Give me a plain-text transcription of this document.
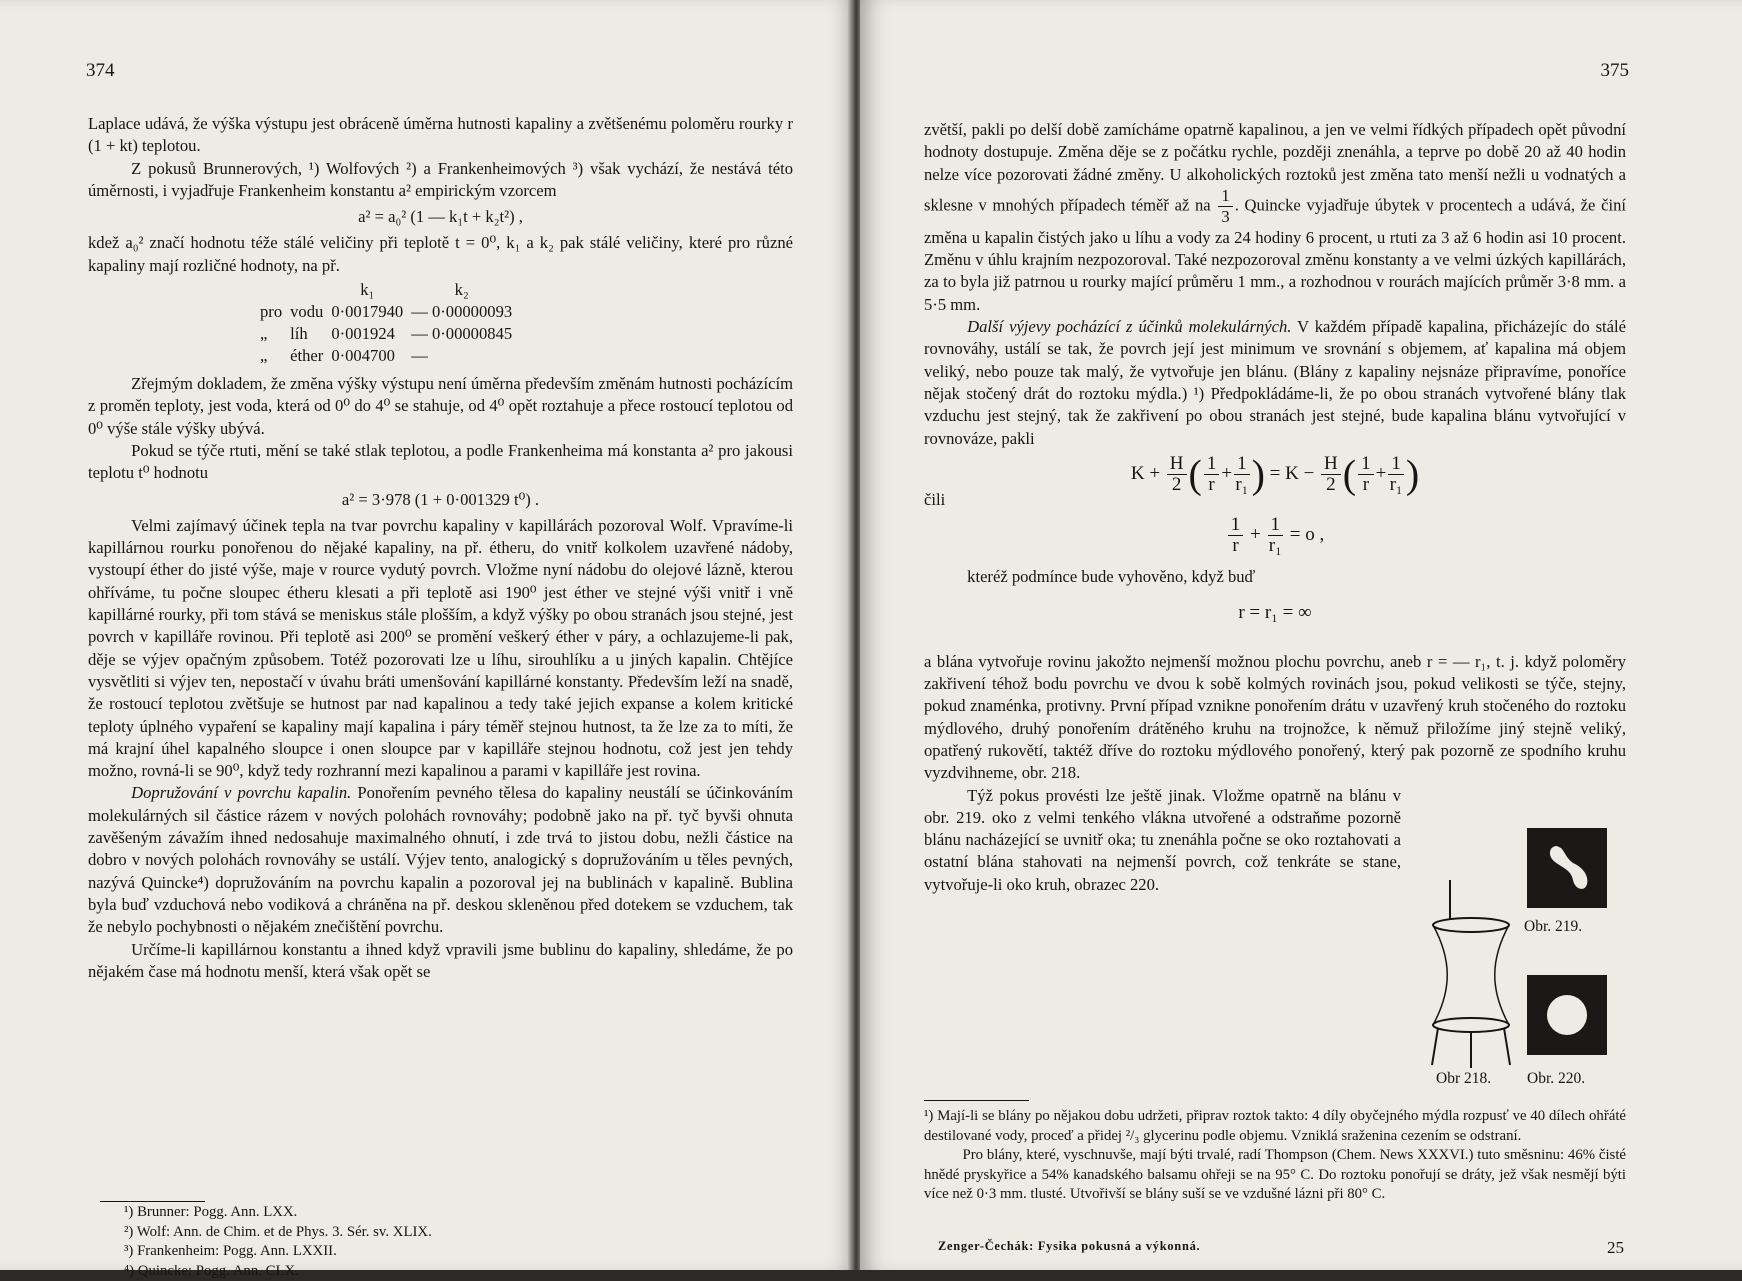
374

Laplace udává, že výška výstupu jest obráceně úměrna hutnosti kapaliny a zvětšenému poloměru rourky r (1 + kt) teplotou.

Z pokusů Brunnerových, ¹) Wolfových ²) a Frankenheimových ³) však vychází, že nestává této úměrnosti, i vyjadřuje Frankenheim konstantu a² empirickým vzorcem

a² = a₀² (1 — k₁t + k₂t²) ,

kdež a₀² značí hodnotu téže stálé veličiny při teplotě t = 0⁰, k₁ a k₂ pak stálé veličiny, které pro různé kapaliny mají rozličné hodnoty, na př.

		k₁	k₂
pro	vodu	0·0017940	— 0·00000093
„	líh	0·001924	— 0·00000845
„	éther	0·004700	—

Zřejmým dokladem, že změna výšky výstupu není úměrna především změnám hutnosti pocházícím z proměn teploty, jest voda, která od 0⁰ do 4⁰ se stahuje, od 4⁰ opět roztahuje a přece rostoucí teplotou od 0⁰ výše stále výšky ubývá.

Pokud se týče rtuti, mění se také stlak teplotou, a podle Frankenheima má konstanta a² pro jakousi teplotu t⁰ hodnotu

a² = 3·978 (1 + 0·001329 t⁰) .

Velmi zajímavý účinek tepla na tvar povrchu kapaliny v kapillárách pozoroval Wolf. Vpravíme-li kapillárnou rourku ponořenou do nějaké kapaliny, na př. étheru, do vnitř kolkolem uzavřené nádoby, vystoupí éther do jisté výše, maje v rource vydutý povrch. Vložme nyní nádobu do olejové lázně, kterou ohříváme, tu počne sloupec étheru klesati a při teplotě asi 190⁰ jest éther ve stejné výši vnitř i vně kapillárné rourky, při tom stává se meniskus stále plošším, a když výšky po obou stranách jsou stejné, jest povrch v kapilláře rovinou. Při teplotě asi 200⁰ se promění veškerý éther v páry, a ochlazujeme-li pak, děje se výjev opačným způsobem. Totéž pozorovati lze u líhu, sirouhlíku a u jiných kapalin. Chtějíce vysvětliti si výjev ten, nepostačí v úvahu bráti umenšování kapillárné konstanty. Především leží na snadě, že rostoucí teplotou zvětšuje se hutnost par nad kapalinou a tedy také jejich expanse a kolem kritické teploty úplného vypaření se kapaliny mají kapalina i páry téměř stejnou hutnost, ta že lze za to míti, že má krajní úhel kapalného sloupce i onen sloupce par v kapilláře stejnou hodnotu, což jest jen tehdy možno, rovná-li se 90⁰, když tedy rozhranní mezi kapalinou a parami v kapilláře jest rovina.

Dopružování v povrchu kapalin. Ponořením pevného tělesa do kapaliny neustálí se účinkováním molekulárných sil částice rázem v nových polohách rovnováhy; podobně jako na př. tyč byvši ohnuta zavěšeným závažím ihned nedosahuje maximalného ohnutí, i zde trvá to jistou dobu, nežli částice na dobro v nových polohách rovnováhy se ustálí. Výjev tento, analogický s dopružováním u těles pevných, nazývá Quincke⁴) dopružováním na povrchu kapalin a pozoroval jej na bublinách v kapalině. Bublina byla buď vzduchová nebo vodiková a chráněna na př. deskou skleněnou před dotekem se vzduchem, tak že nebylo pochybnosti o nějakém znečištění povrchu.

Určíme-li kapillárnou konstantu a ihned když vpravili jsme bublinu do kapaliny, shledáme, že po nějakém čase má hodnotu menší, která však opět se

¹) Brunner: Pogg. Ann. LXX.

²) Wolf: Ann. de Chim. et de Phys. 3. Sér. sv. XLIX.

³) Frankenheim: Pogg. Ann. LXXII.

⁴) Quincke: Pogg. Ann. CLX.

375

zvětší, pakli po delší době zamícháme opatrně kapalinou, a jen ve velmi řídkých případech opět původní hodnoty dostupuje. Změna děje se z počátku rychle, později znenáhla, a teprve po době 20 až 40 hodin nelze více pozorovati žádné změny. U alkoholických roztoků jest změna tato menší nežli u vodnatých a sklesne v mnohých případech téměř až na $\frac{1}{3}$ . Quincke vyjadřuje úbytek v procentech a udává, že činí změna u kapalin čistých jako u líhu a vody za 24 hodiny 6 procent, u rtuti za 3 až 6 hodin asi 10 procent. Změnu v úhlu krajním nezpozoroval. Také nezpozoroval změnu konstanty a ve velmi úzkých kapillárách, za to byla již patrnou u rourky mající průměru 1 mm., a rozhodnou v rourách majících průměr 3·8 mm. a 5·5 mm.

Další výjevy pocházící z účinků molekulárných. V každém případě kapalina, přicházejíc do stálé rovnováhy, ustálí se tak, že povrch její jest minimum ve srovnání s objemem, ať kapalina má objem veliký, nebo pouze tak malý, že vytvořuje jen blánu. (Blány z kapaliny nejsnáze připravíme, ponoříce nějak stočený drát do roztoku mýdla.) ¹) Předpokládáme-li, že po obou stranách vytvořené blány tlak vzduchu jest stejný, tak že zakřivení po obou stranách jest stejné, bude kapalina blánu vytvořující v rovnováze, pakli

$K + \frac{H}{2}$ ( $\frac{1}{r} + \frac{1}{\text{r₁}}$ ) = $K - \frac{H}{2}$ ( $\frac{1}{r} + \frac{1}{\text{r₁}}$ )

čili

$\frac{1}{r} + \frac{1}{\text{r₁}} = o$ ,

kteréž podmínce bude vyhověno, když buď

r = r₁ = ∞

a blána vytvořuje rovinu jakožto nejmenší možnou plochu povrchu, aneb r = — r₁, t. j. když poloměry zakřivení téhož bodu povrchu ve dvou k sobě kolmých rovinách jsou, pokud velikosti se týče, stejny, pokud znaménka, protivny. První případ vznikne ponořením drátu v uzavřený kruh stočeného do roztoku mýdlového, druhý ponořením drátěného kruhu na trojnožce, k němuž přiložíme jiný stejně veliký, opatřený rukovětí, taktéž dříve do roztoku mýdlového ponořený, který pak pozorně ze spodního kruhu vyzdvihneme, obr. 218.

Týž pokus provésti lze ještě jinak. Vložme opatrně na blánu v obr. 219. oko z velmi tenkého vlákna utvořené a odstraňme pozorně blánu nacházející se uvnitř oka; tu znenáhla počne se oko roztahovati a ostatní blána stahovati na nejmenší povrch, což tenkráte se stane, vytvořuje-li oko kruh, obrazec 220.

Obr. 219.
Obr 218. Obr. 220.

¹) Mají-li se blány po nějakou dobu udržeti, připrav roztok takto: 4 díly obyčejného mýdla rozpusť ve 40 dílech ohřáté destilované vody, proceď a přidej ²/₃ glycerinu podle objemu. Vzniklá sraženina cezením se odstraní.

Pro blány, které, vyschnuvše, mají býti trvalé, radí Thompson (Chem. News XXXVI.) tuto směsninu: 46% čisté hnědé pryskyřice a 54% kanadského balsamu ohřeji se na 95° C. Do roztoku ponořují se dráty, jež však nesmějí býti více než 0·3 mm. tlusté. Utvořivší se blány suší se ve vzdušné lázni při 80° C.

Zenger-Čechák: Fysika pokusná a výkonná.	25
